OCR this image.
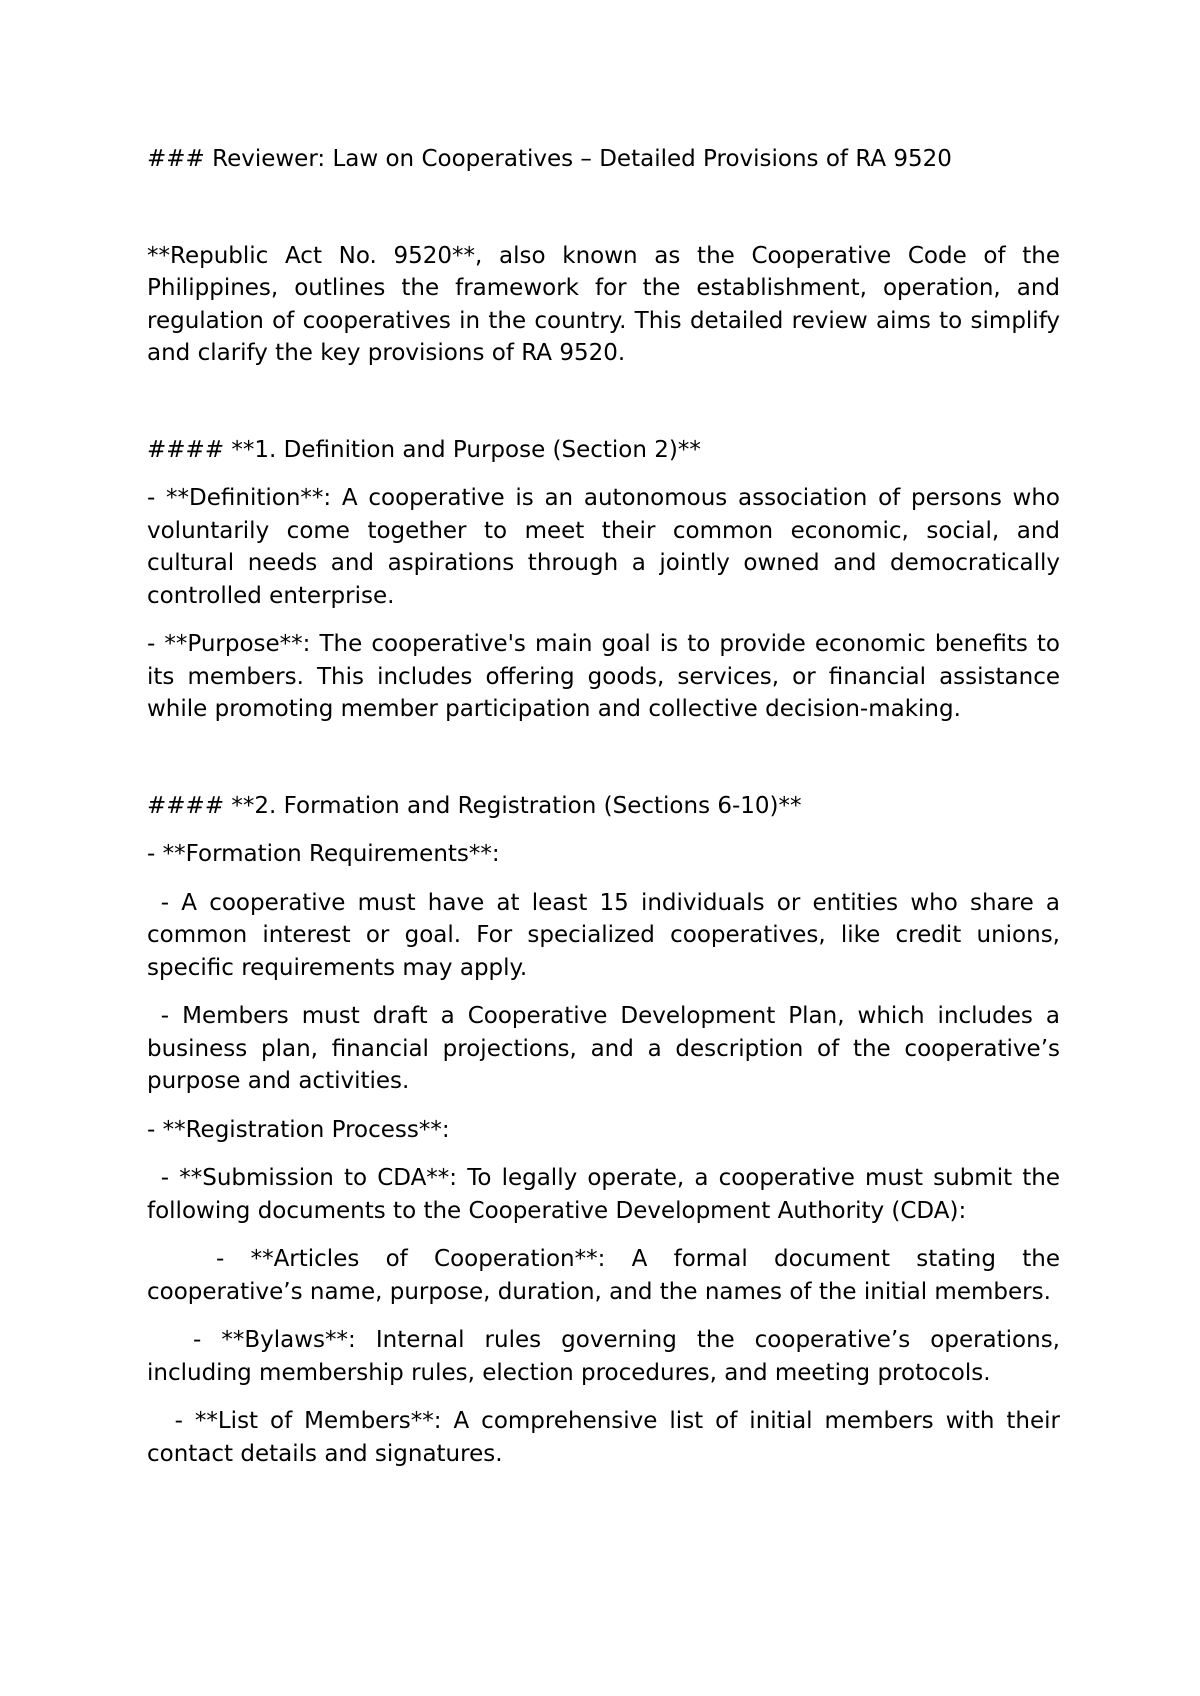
### Reviewer: Law on Cooperatives – Detailed Provisions of RA 9520

**Republic Act No. 9520**, also known as the Cooperative Code of the Philippines, outlines the framework for the establishment, operation, and regulation of cooperatives in the country. This detailed review aims to simplify and clarify the key provisions of RA 9520.

#### **1. Definition and Purpose (Section 2)**

- **Definition**: A cooperative is an autonomous association of persons who voluntarily come together to meet their common economic, social, and cultural needs and aspirations through a jointly owned and democratically controlled enterprise.

- **Purpose**: The cooperative's main goal is to provide economic benefits to its members. This includes offering goods, services, or financial assistance while promoting member participation and collective decision-making.

#### **2. Formation and Registration (Sections 6-10)**

- **Formation Requirements**:

- A cooperative must have at least 15 individuals or entities who share a common interest or goal. For specialized cooperatives, like credit unions, specific requirements may apply.

- Members must draft a Cooperative Development Plan, which includes a business plan, financial projections, and a description of the cooperative’s purpose and activities.

- **Registration Process**:

- **Submission to CDA**: To legally operate, a cooperative must submit the following documents to the Cooperative Development Authority (CDA):

- **Articles of Cooperation**: A formal document stating the cooperative’s name, purpose, duration, and the names of the initial members.

- **Bylaws**: Internal rules governing the cooperative’s operations, including membership rules, election procedures, and meeting protocols.

- **List of Members**: A comprehensive list of initial members with their contact details and signatures.
